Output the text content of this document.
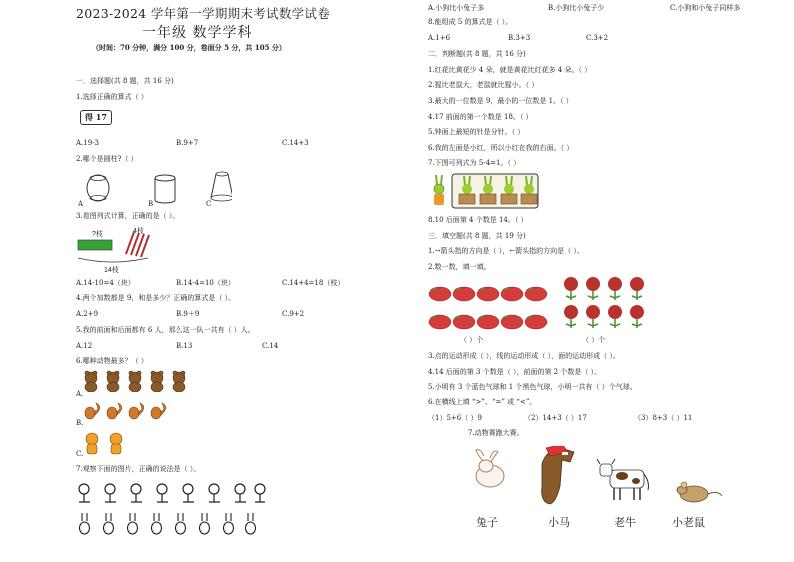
2023-2024 学年第一学期期末考试数学试卷
一年级 数学学科
（时间：70 分钟，满分 100 分，卷面分 5 分，共 105 分）
一．选择题(共 8 题，共 16 分)
1.选择正确的算式（ ）
得 17
A.19-3	B.9+7	C.14+3
2.哪个是圆柱?（ ）
A	B	C
3.看图列式计算，正确的是（ ）。
?枝	4枝
14枝
A.14-10=4（块）	B.14-4=10（块）	C.14+4=18（枝）
4.两个加数都是 9，和是多少？正确的算式是（ ）。
A.2+9	B.9＋9	C.9+2
5.我的前面和后面都有 6 人，那么这一队一共有（ ）人。
A.12	B.13	C.14
6.哪种动物最多？（ ）
A.
B.
C.
7.观察下面的图片，正确的说法是（ ）。
A.小狗比小兔子多	B.小狗比小兔子少	C.小狗和小兔子同样多
8.能组成 5 的算式是（ ）。
A.1+6	B.3+3	C.3+2
二．判断题(共 8 题，共 16 分)
1.红花比黄花少 4 朵，就是黄花比红花多 4 朵。（ ）
2.猩比老鼠大，老鼠就比猩小。（ ）
3.最大的一位数是 9，最小的一位数是 1。（ ）
4.17 前面的第一个数是 18。（ ）
5.钟面上最短的针是分针。（ ）
6.我的左面是小红，所以小红在我的右面。（ ）
7.下图可列式为 5-4=1。（ ）
8.10 后面第 4 个数是 14。（ ）
三．填空题(共 8 题，共 19 分)
1.→箭头指的方向是（ ），←箭头指的方向是（ ）。
2.数一数，填一填。
（ ）个	（ ）个
3.点的运动形成（ ），线的运动形成（ ），面的运动形成（ ）。
4.14 后面的第 3 个数是（ ），前面的第 2 个数是（ ）。
5.小明有 3 个蓝色气球和 1 个黑色气球，小明一共有（ ）个气球。
6.在横线上填 “>”、“=” 或 “<”。
（1）5+6（ ）9	（2）14+3（ ）17	（3）8+3（ ）11
7.动物赛跑大赛。
兔子	小马	老牛	小老鼠
